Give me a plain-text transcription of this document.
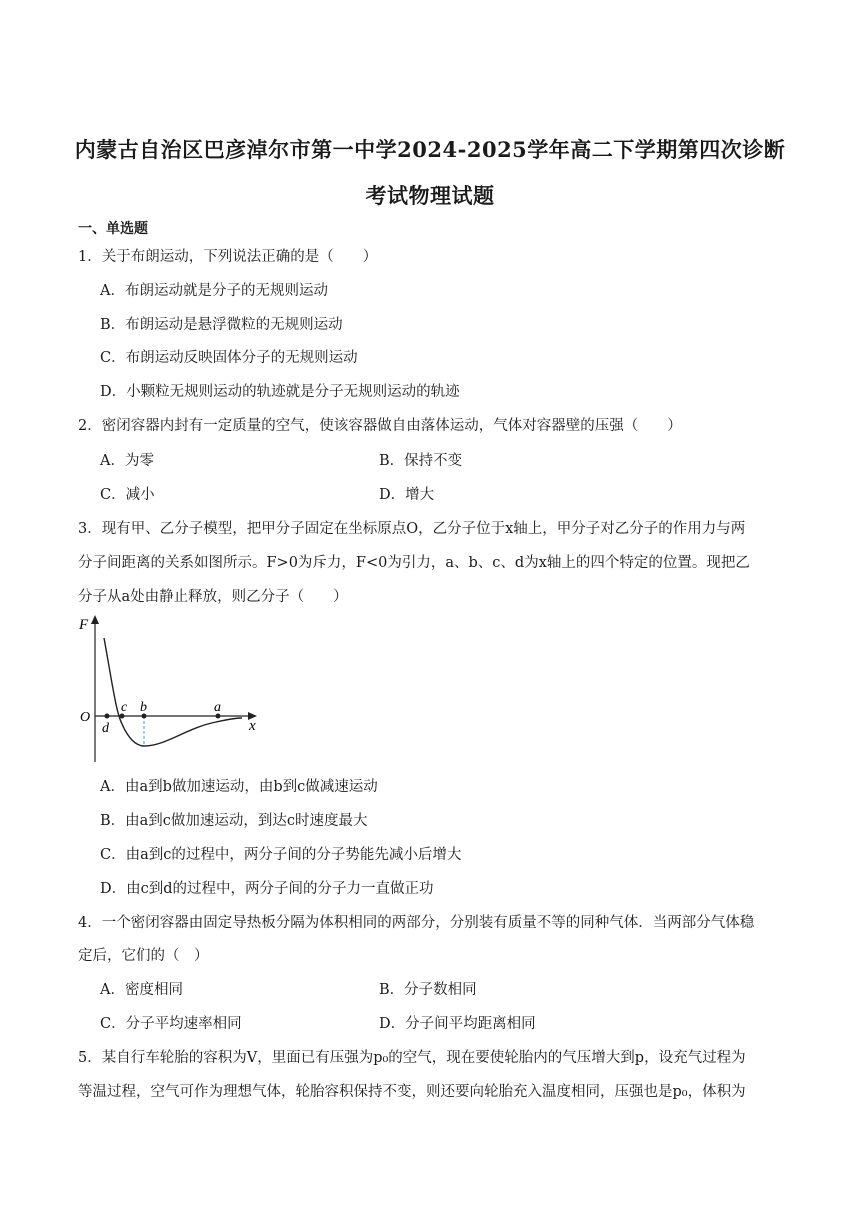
内蒙古自治区巴彦淖尔市第一中学2024-2025学年高二下学期第四次诊断
考试物理试题
一、单选题
1．关于布朗运动，下列说法正确的是（　　）
A．布朗运动就是分子的无规则运动
B．布朗运动是悬浮微粒的无规则运动
C．布朗运动反映固体分子的无规则运动
D．小颗粒无规则运动的轨迹就是分子无规则运动的轨迹
2．密闭容器内封有一定质量的空气，使该容器做自由落体运动，气体对容器壁的压强（　　）
A．为零	B．保持不变
C．减小	D．增大
3．现有甲、乙分子模型，把甲分子固定在坐标原点O，乙分子位于x轴上，甲分子对乙分子的作用力与两
分子间距离的关系如图所示。F>0为斥力，F<0为引力，a、b、c、d为x轴上的四个特定的位置。现把乙
分子从a处由静止释放，则乙分子（　　）
F
O
x
a
b
c
d
A．由a到b做加速运动，由b到c做减速运动
B．由a到c做加速运动，到达c时速度最大
C．由a到c的过程中，两分子间的分子势能先减小后增大
D．由c到d的过程中，两分子间的分子力一直做正功
4．一个密闭容器由固定导热板分隔为体积相同的两部分，分别装有质量不等的同种气体．当两部分气体稳
定后，它们的（　）
A．密度相同	B．分子数相同
C．分子平均速率相同	D．分子间平均距离相同
5．某自行车轮胎的容积为V，里面已有压强为p₀的空气，现在要使轮胎内的气压增大到p，设充气过程为
等温过程，空气可作为理想气体，轮胎容积保持不变，则还要向轮胎充入温度相同，压强也是p₀，体积为
